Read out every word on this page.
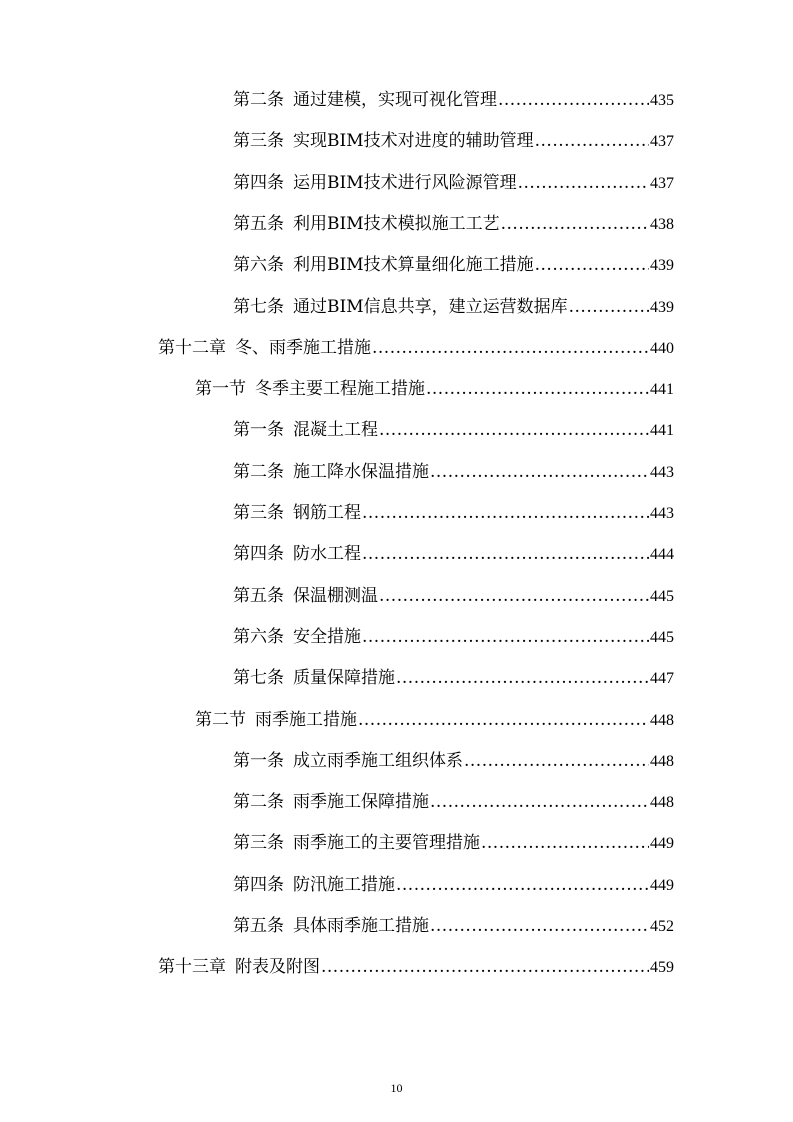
第二条 通过建模，实现可视化管理 .....	435
第三条 实现BIM技术对进度的辅助管理 .....	437
第四条 运用BIM技术进行风险源管理 .....	437
第五条 利用BIM技术模拟施工工艺 .....	438
第六条 利用BIM技术算量细化施工措施 .....	439
第七条 通过BIM信息共享，建立运营数据库 .....	439
第十二章 冬、雨季施工措施 .....	440
第一节 冬季主要工程施工措施 .....	441
第一条 混凝土工程 .....	441
第二条 施工降水保温措施 .....	443
第三条 钢筋工程 .....	443
第四条 防水工程 .....	444
第五条 保温棚测温 .....	445
第六条 安全措施 .....	445
第七条 质量保障措施 .....	447
第二节 雨季施工措施 .....	448
第一条 成立雨季施工组织体系 .....	448
第二条 雨季施工保障措施 .....	448
第三条 雨季施工的主要管理措施 .....	449
第四条 防汛施工措施 .....	449
第五条 具体雨季施工措施 .....	452
第十三章 附表及附图 .....	459
10
